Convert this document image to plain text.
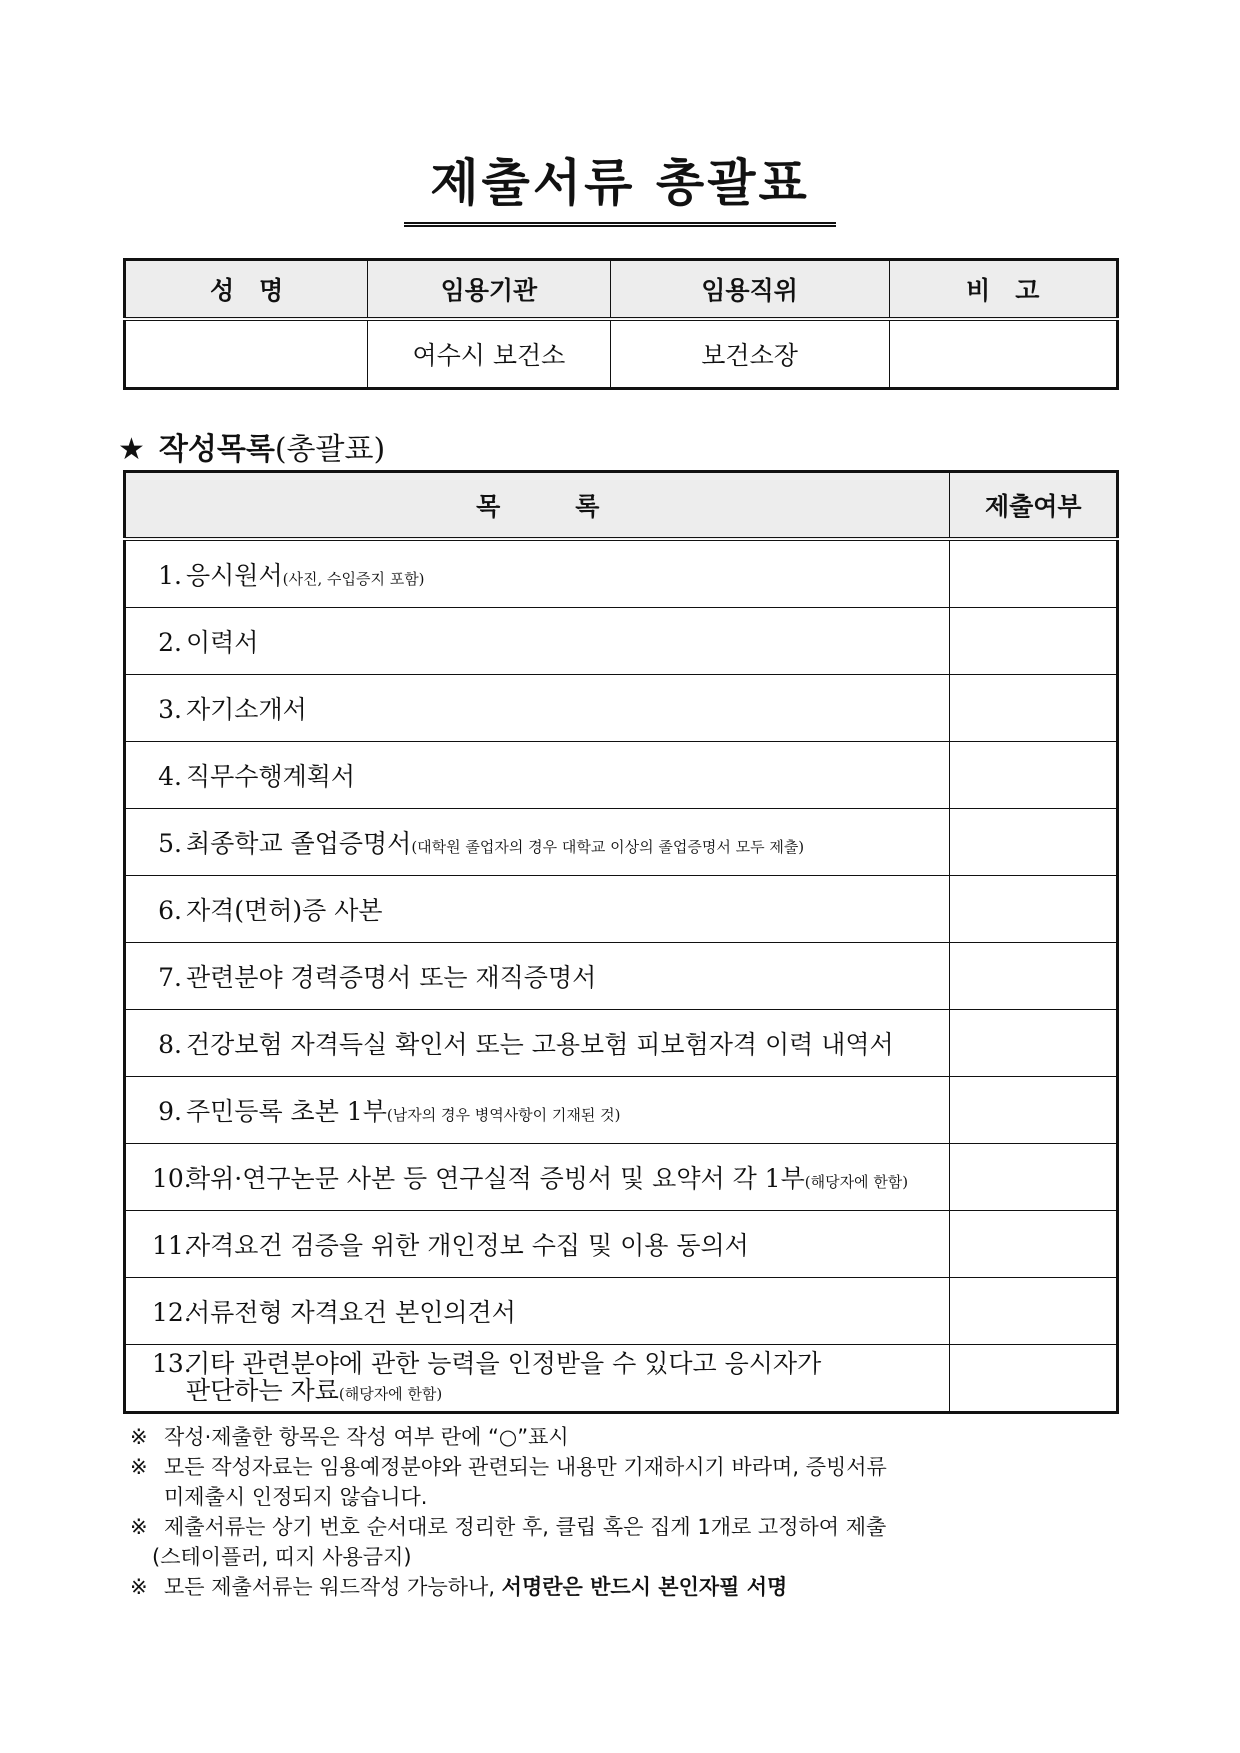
제출서류 총괄표
성　명	임용기관	임용직위	비　고
	여수시 보건소	보건소장	
★ 작성목록(총괄표)
목　　　록	제출여부
1. 응시원서(사진, 수입증지 포함)	
2. 이력서	
3. 자기소개서	
4. 직무수행계획서	
5. 최종학교 졸업증명서(대학원 졸업자의 경우 대학교 이상의 졸업증명서 모두 제출)	
6. 자격(면허)증 사본	
7. 관련분야 경력증명서 또는 재직증명서	
8. 건강보험 자격득실 확인서 또는 고용보험 피보험자격 이력 내역서	
9. 주민등록 초본 1부(남자의 경우 병역사항이 기재된 것)	
10.학위·연구논문 사본 등 연구실적 증빙서 및 요약서 각 1부(해당자에 한함)	
11.자격요건 검증을 위한 개인정보 수집 및 이용 동의서	
12.서류전형 자격요건 본인의견서	
13.기타 관련분야에 관한 능력을 인정받을 수 있다고 응시자가
판단하는 자료(해당자에 한함)	

※ 작성·제출한 항목은 작성 여부 란에 “○”표시
※ 모든 작성자료는 임용예정분야와 관련되는 내용만 기재하시기 바라며, 증빙서류
미제출시 인정되지 않습니다.
※ 제출서류는 상기 번호 순서대로 정리한 후, 클립 혹은 집게 1개로 고정하여 제출
(스테이플러, 띠지 사용금지)
※ 모든 제출서류는 워드작성 가능하나, 서명란은 반드시 본인자필 서명
